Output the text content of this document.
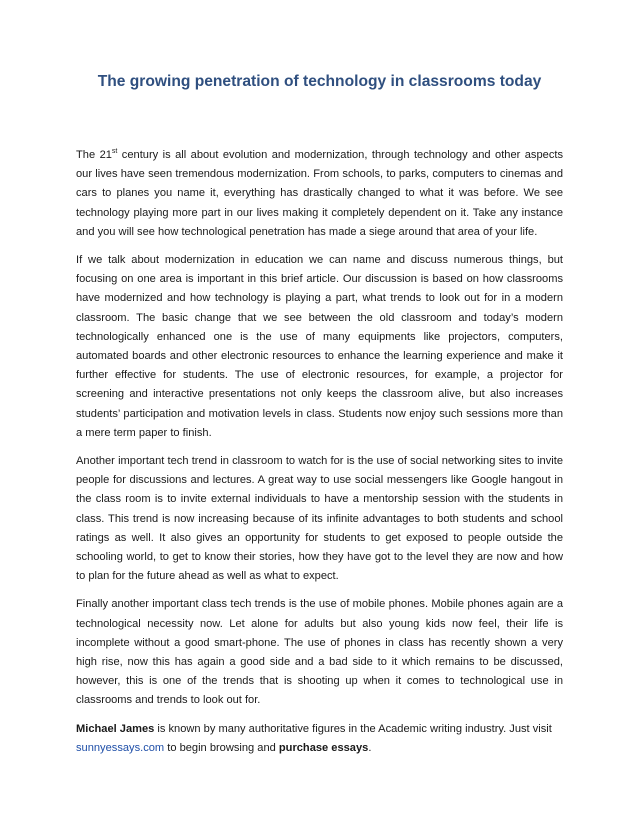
The growing penetration of technology in classrooms today

The 21st century is all about evolution and modernization, through technology and other aspects our lives have seen tremendous modernization. From schools, to parks, computers to cinemas and cars to planes you name it, everything has drastically changed to what it was before. We see technology playing more part in our lives making it completely dependent on it. Take any instance and you will see how technological penetration has made a siege around that area of your life.

If we talk about modernization in education we can name and discuss numerous things, but focusing on one area is important in this brief article. Our discussion is based on how classrooms have modernized and how technology is playing a part, what trends to look out for in a modern classroom. The basic change that we see between the old classroom and today’s modern technologically enhanced one is the use of many equipments like projectors, computers, automated boards and other electronic resources to enhance the learning experience and make it further effective for students. The use of electronic resources, for example, a projector for screening and interactive presentations not only keeps the classroom alive, but also increases students’ participation and motivation levels in class. Students now enjoy such sessions more than a mere term paper to finish.

Another important tech trend in classroom to watch for is the use of social networking sites to invite people for discussions and lectures. A great way to use social messengers like Google hangout in the class room is to invite external individuals to have a mentorship session with the students in class. This trend is now increasing because of its infinite advantages to both students and school ratings as well. It also gives an opportunity for students to get exposed to people outside the schooling world, to get to know their stories, how they have got to the level they are now and how to plan for the future ahead as well as what to expect.

Finally another important class tech trends is the use of mobile phones. Mobile phones again are a technological necessity now. Let alone for adults but also young kids now feel, their life is incomplete without a good smart-phone. The use of phones in class has recently shown a very high rise, now this has again a good side and a bad side to it which remains to be discussed, however, this is one of the trends that is shooting up when it comes to technological use in classrooms and trends to look out for.

Michael James is known by many authoritative figures in the Academic writing industry. Just visit sunnyessays.com to begin browsing and purchase essays.
